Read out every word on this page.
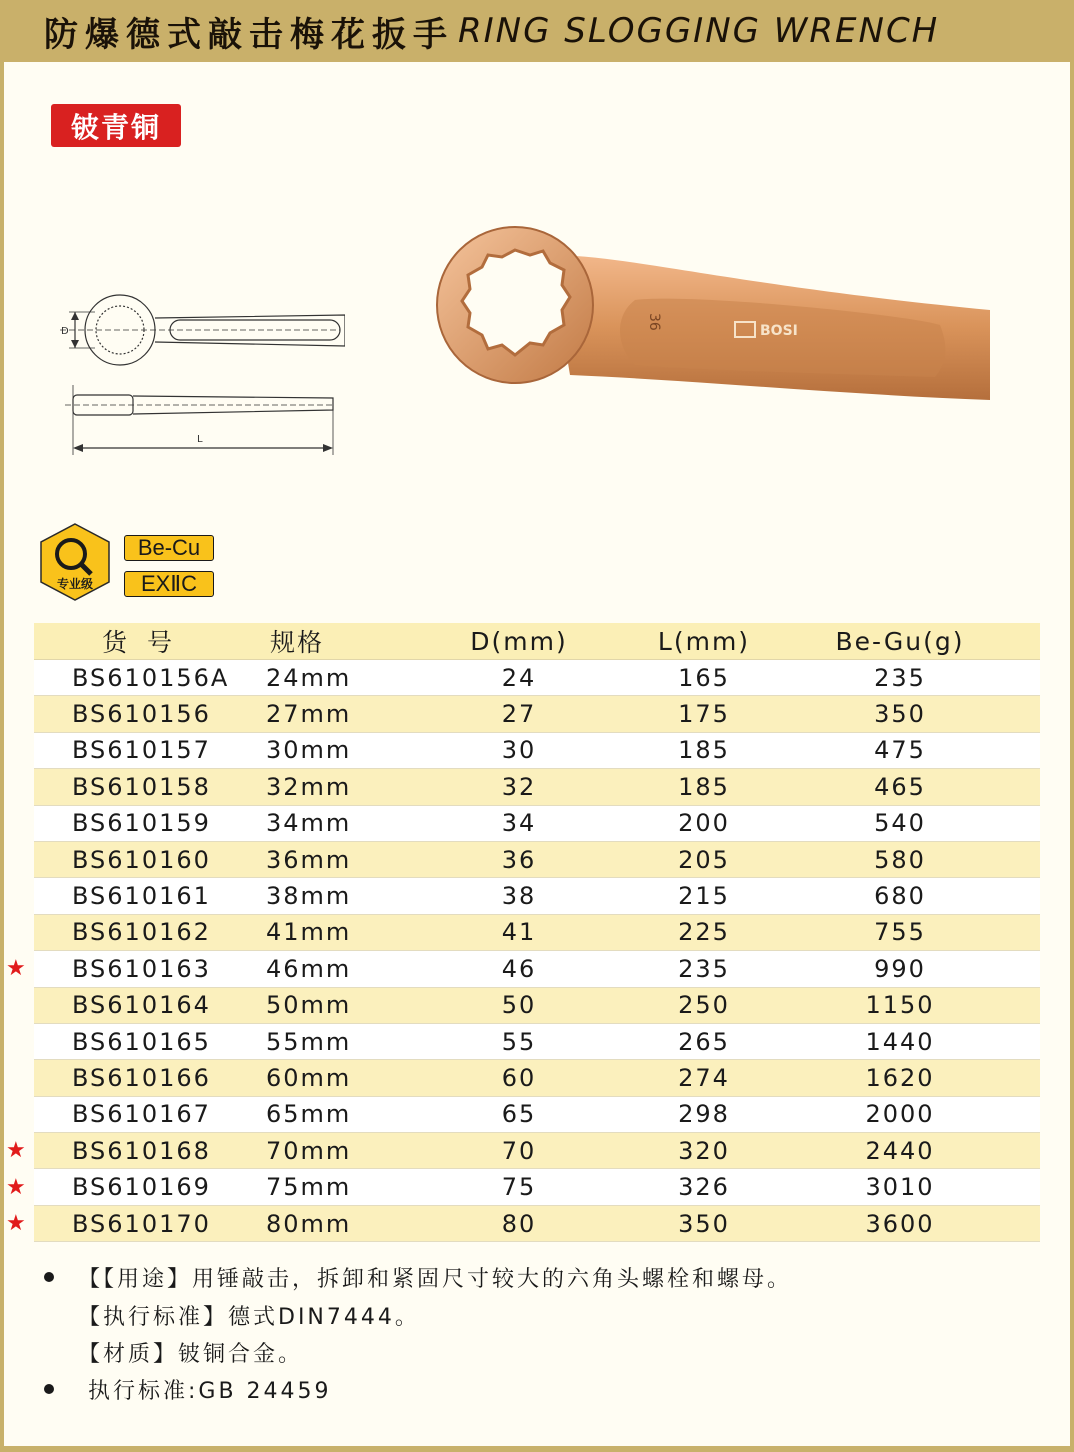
防爆德式敲击梅花扳手 RING SLOGGING WRENCH
铍青铜
D
L
36
BOSI
专业级
Be-Cu
EXⅡC
货号	规格	D(mm)	L(mm)	Be-Gu(g)
BS610156A	24mm	24	165	235
BS610156	27mm	27	175	350
BS610157	30mm	30	185	475
BS610158	32mm	32	185	465
BS610159	34mm	34	200	540
BS610160	36mm	36	205	580
BS610161	38mm	38	215	680
BS610162	41mm	41	225	755
BS610163	46mm	46	235	990
BS610164	50mm	50	250	1150
BS610165	55mm	55	265	1440
BS610166	60mm	60	274	1620
BS610167	65mm	65	298	2000
BS610168	70mm	70	320	2440
BS610169	75mm	75	326	3010
BS610170	80mm	80	350	3600
★
★
★
★
【【用途】用锤敲击，拆卸和紧固尺寸较大的六角头螺栓和螺母。
【执行标准】德式DIN7444。
【材质】铍铜合金。
执行标准:GB 24459
